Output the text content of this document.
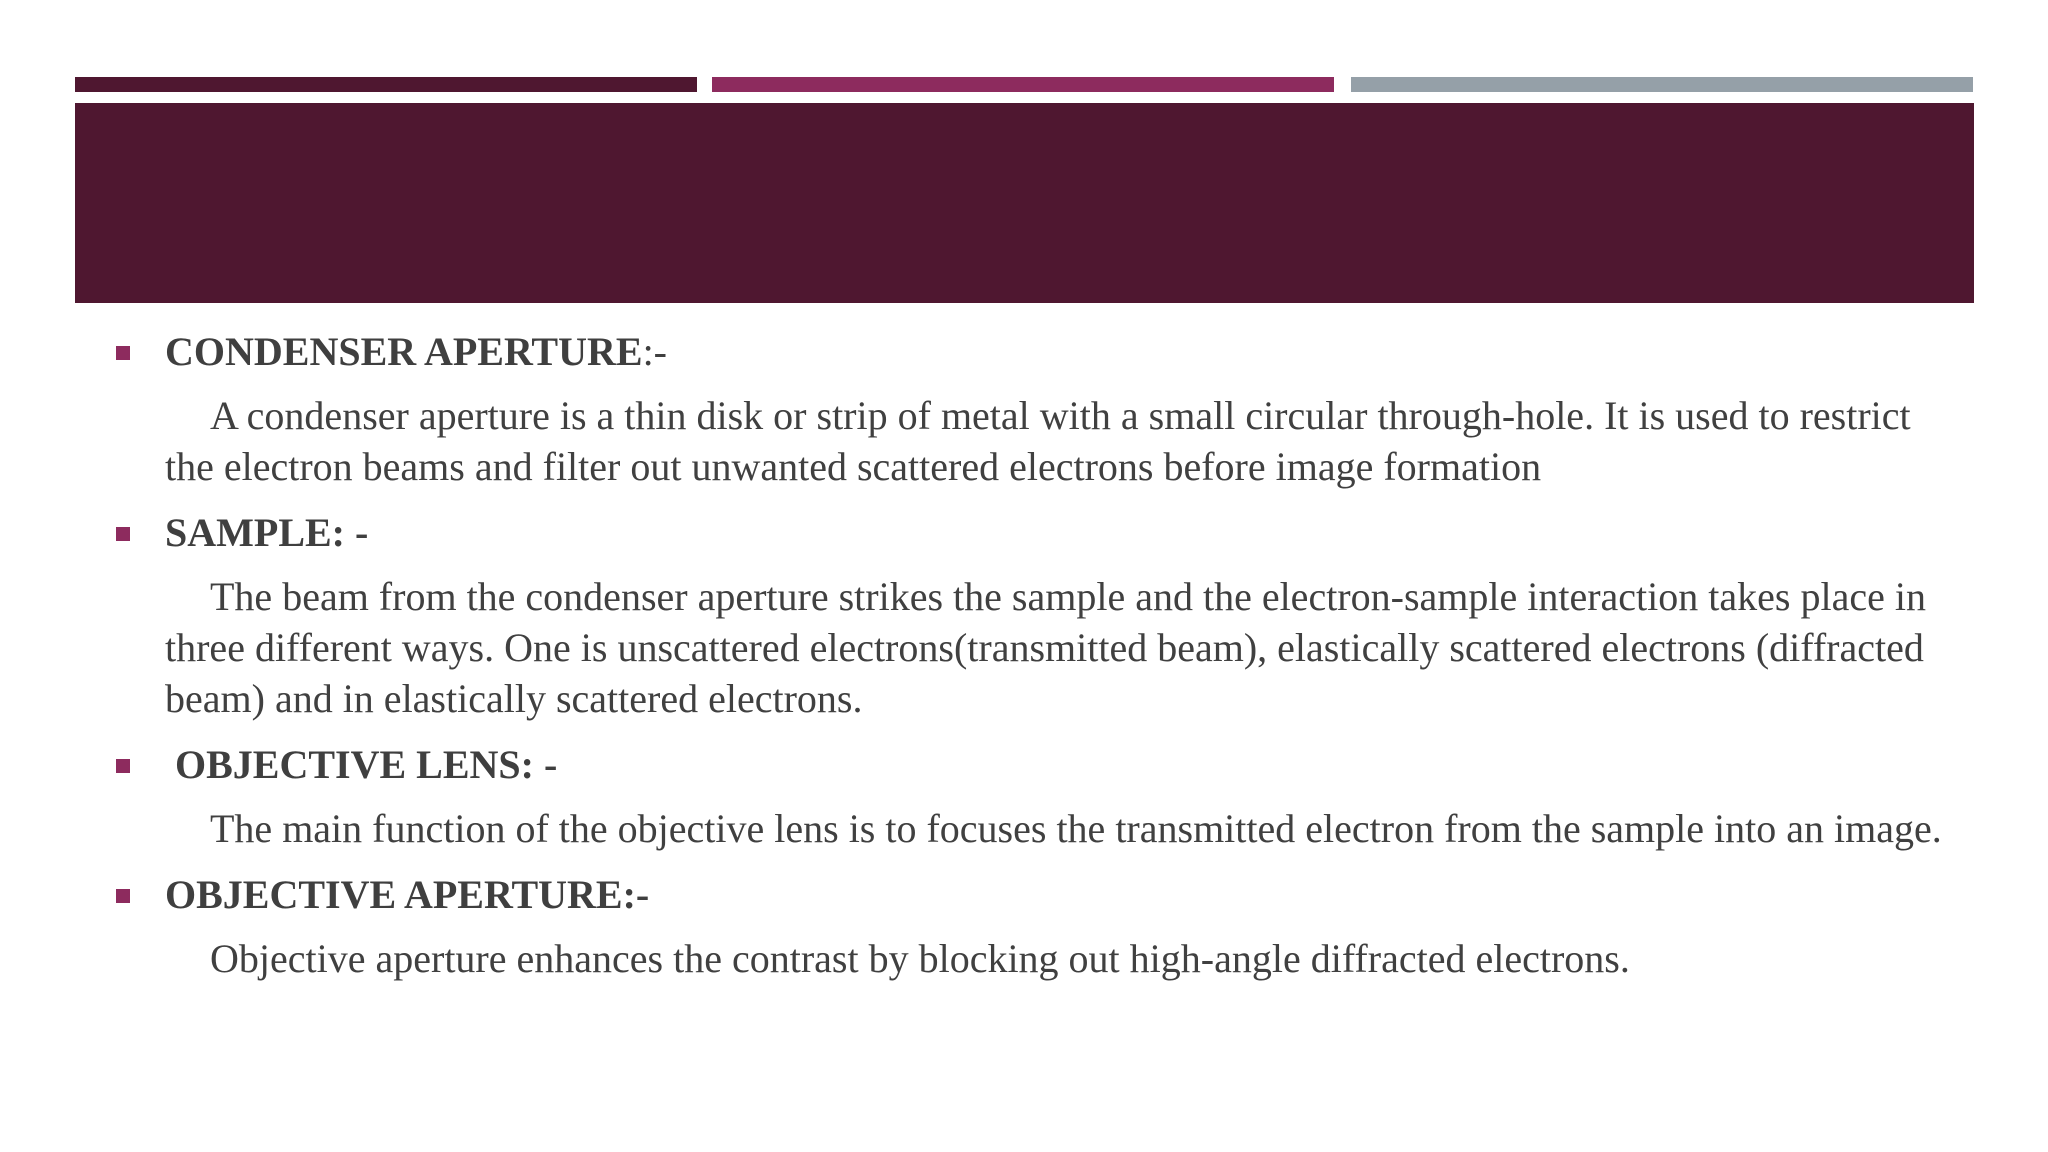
CONDENSER APERTURE:-

A condenser aperture is a thin disk or strip of metal with a small circular through-hole. It is used to restrict the electron beams and filter out unwanted scattered electrons before image formation

SAMPLE: -

The beam from the condenser aperture strikes the sample and the electron-sample interaction takes place in three different ways. One is unscattered electrons(transmitted beam), elastically scattered electrons (diffracted beam) and in elastically scattered electrons.

OBJECTIVE LENS: -

The main function of the objective lens is to focuses the transmitted electron from the sample into an image.

OBJECTIVE APERTURE:-

Objective aperture enhances the contrast by blocking out high-angle diffracted electrons.
